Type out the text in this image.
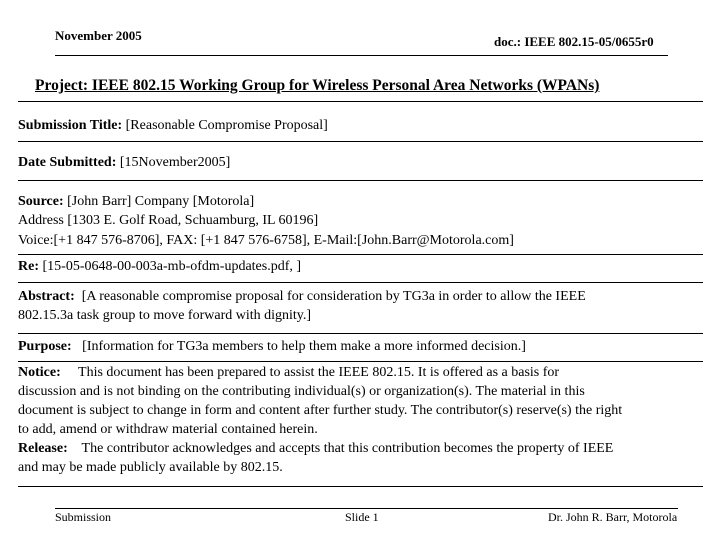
November 2005	doc.: IEEE 802.15-05/0655r0
Project: IEEE 802.15 Working Group for Wireless Personal Area Networks (WPANs)
Submission Title: [Reasonable Compromise Proposal]
Date Submitted: [15November2005]
Source: [John Barr] Company [Motorola]
Address [1303 E. Golf Road, Schuamburg, IL 60196]
Voice:[+1 847 576-8706], FAX: [+1 847 576-6758], E-Mail:[John.Barr@Motorola.com]
Re: [15-05-0648-00-003a-mb-ofdm-updates.pdf, ]
Abstract: [A reasonable compromise proposal for consideration by TG3a in order to allow the IEEE
802.15.3a task group to move forward with dignity.]
Purpose: [Information for TG3a members to help them make a more informed decision.]
Notice: This document has been prepared to assist the IEEE 802.15. It is offered as a basis for
discussion and is not binding on the contributing individual(s) or organization(s). The material in this
document is subject to change in form and content after further study. The contributor(s) reserve(s) the right
to add, amend or withdraw material contained herein.
Release: The contributor acknowledges and accepts that this contribution becomes the property of IEEE
and may be made publicly available by 802.15.
Submission	Slide 1	Dr. John R. Barr, Motorola
